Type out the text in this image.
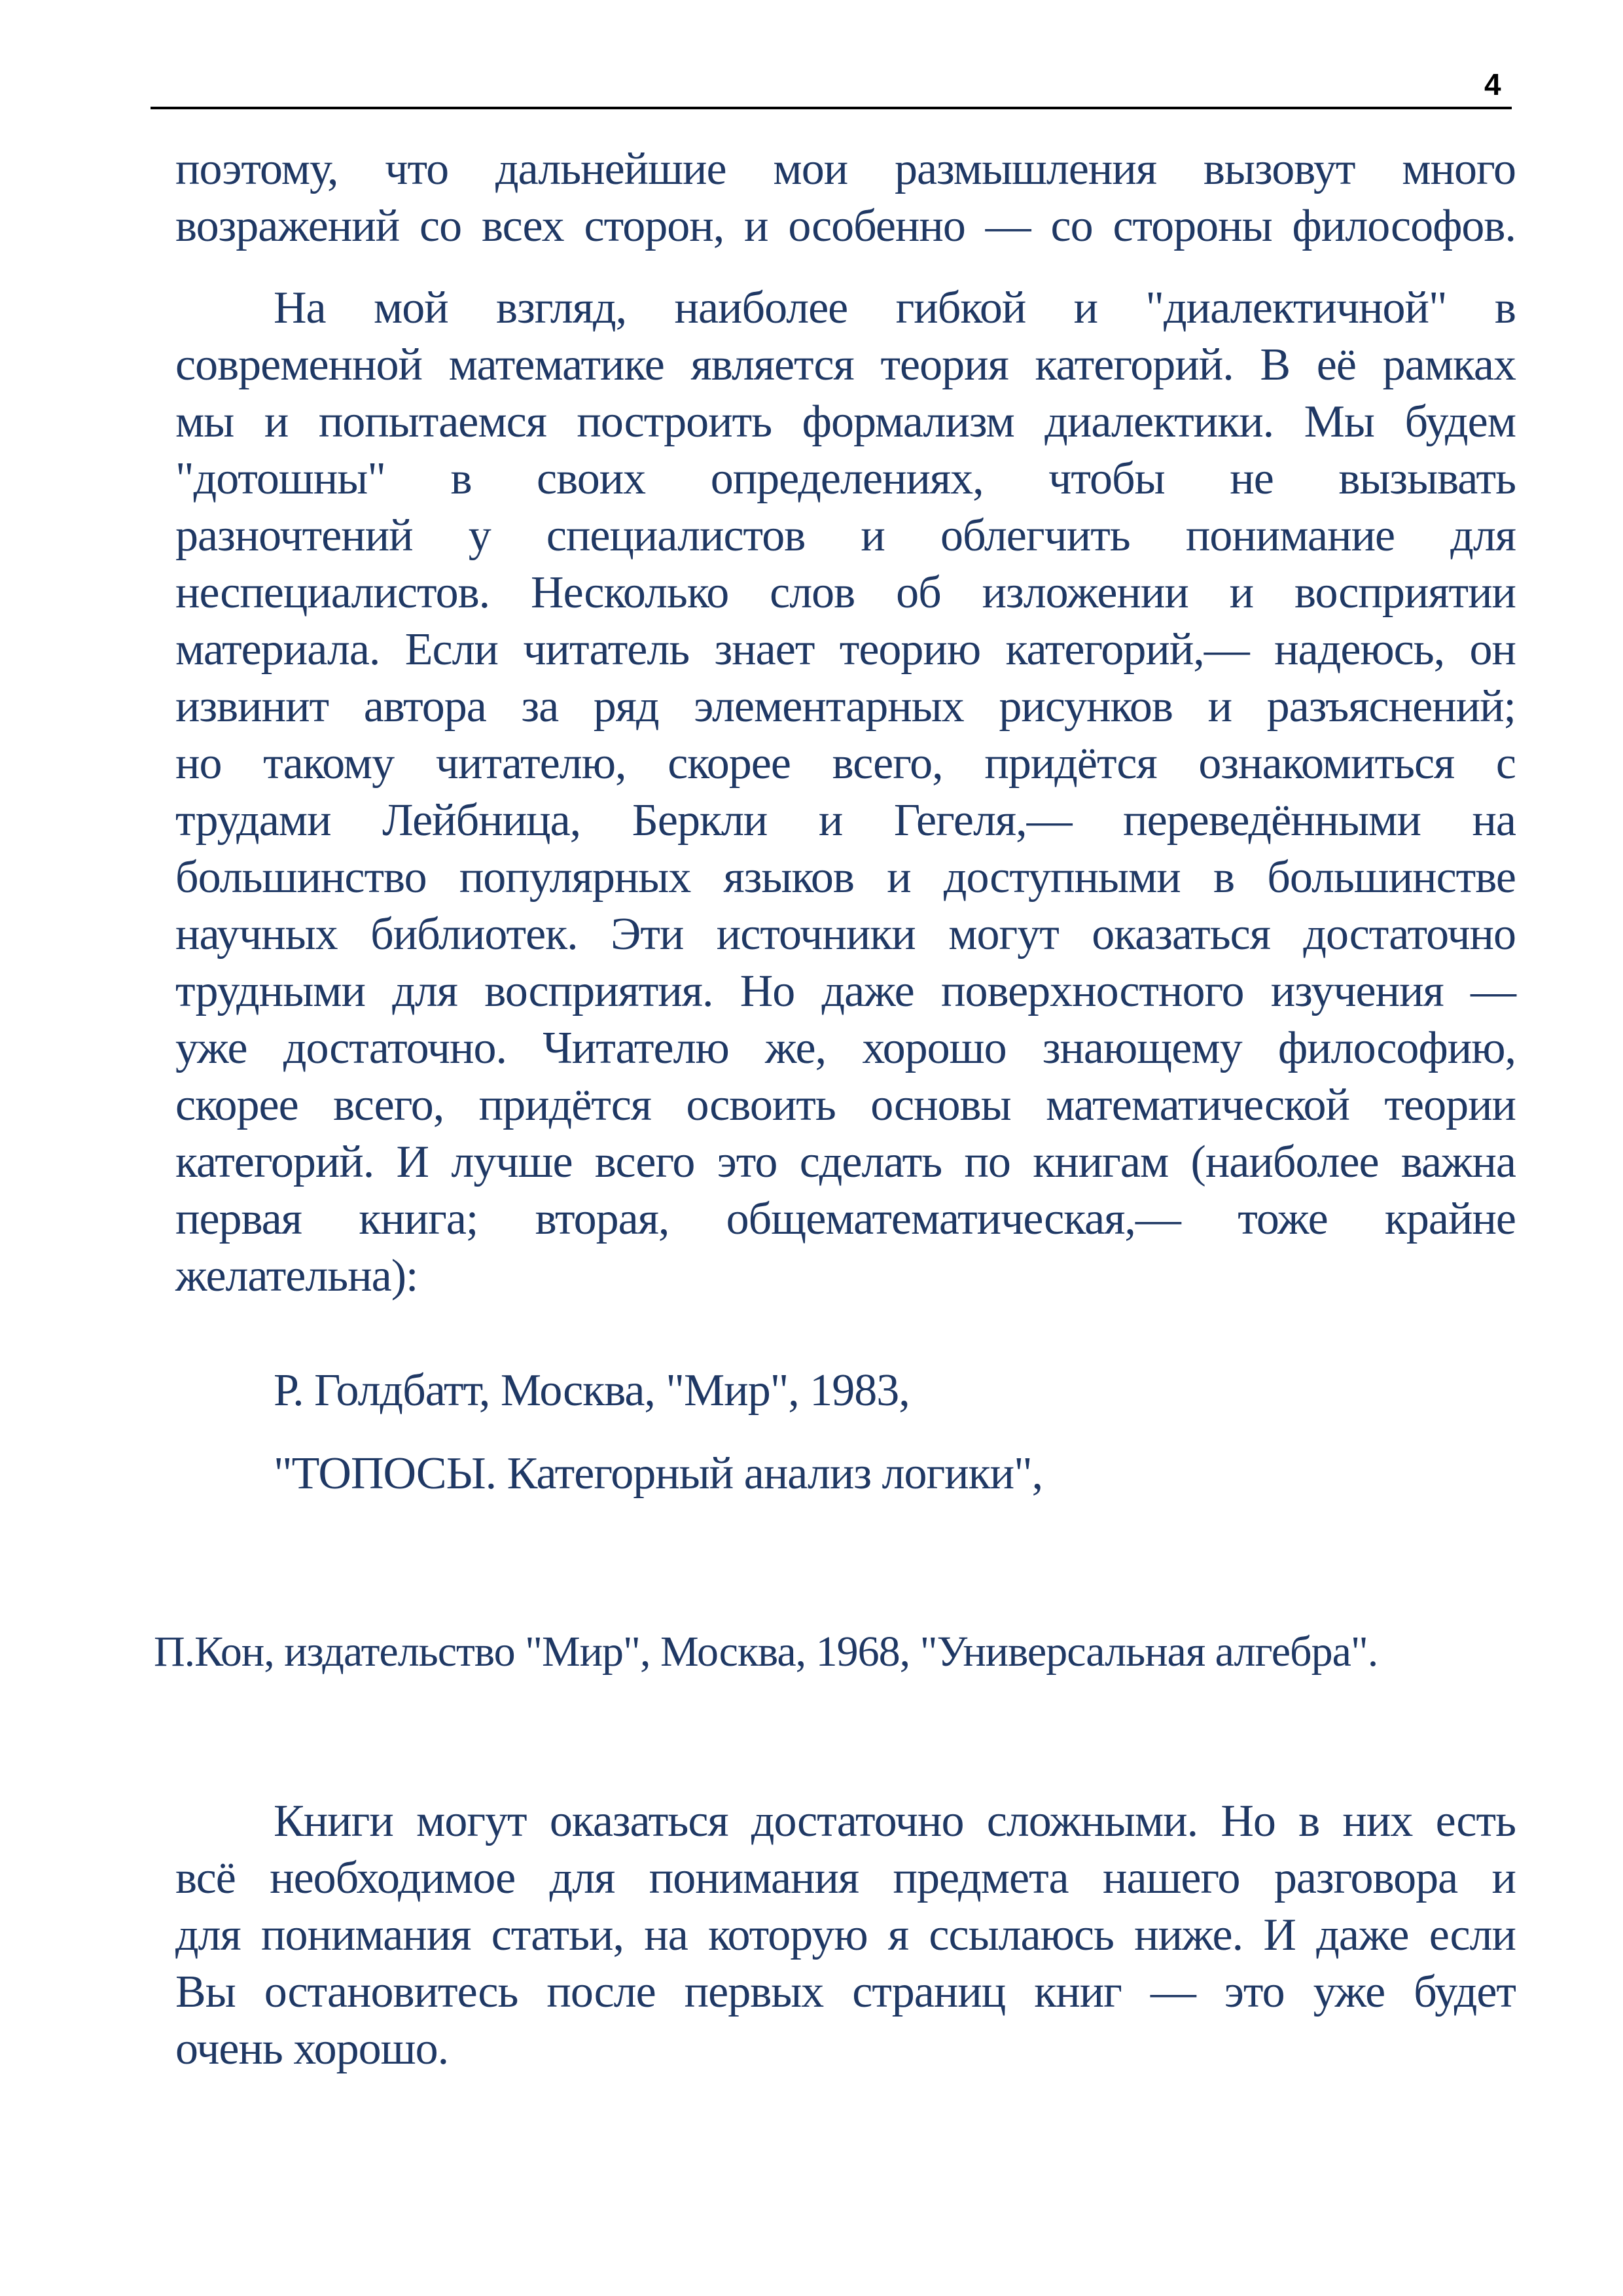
4
поэтому, что дальнейшие мои размышления вызовут много
возражений со всех сторон, и особенно — со стороны философов.
На мой взгляд, наиболее гибкой и "диалектичной" в
современной математике является теория категорий. В её рамках
мы и попытаемся построить формализм диалектики. Мы будем
"дотошны" в своих определениях, чтобы не вызывать
разночтений у специалистов и облегчить понимание для
неспециалистов. Несколько слов об изложении и восприятии
материала. Если читатель знает теорию категорий,— надеюсь, он
извинит автора за ряд элементарных рисунков и разъяснений;
но такому читателю, скорее всего, придётся ознакомиться с
трудами Лейбница, Беркли и Гегеля,— переведёнными на
большинство популярных языков и доступными в большинстве
научных библиотек. Эти источники могут оказаться достаточно
трудными для восприятия. Но даже поверхностного изучения —
уже достаточно. Читателю же, хорошо знающему философию,
скорее всего, придётся освоить основы математической теории
категорий. И лучше всего это сделать по книгам (наиболее важна
первая книга; вторая, общематематическая,— тоже крайне
желательна):
Р. Голдбатт, Москва, "Мир", 1983,
"ТОПОСЫ. Категорный анализ логики",
П.Кон, издательство "Мир", Москва, 1968, "Универсальная алгебра".
Книги могут оказаться достаточно сложными. Но в них есть
всё необходимое для понимания предмета нашего разговора и
для понимания статьи, на которую я ссылаюсь ниже. И даже если
Вы остановитесь после первых страниц книг — это уже будет
очень хорошо.
